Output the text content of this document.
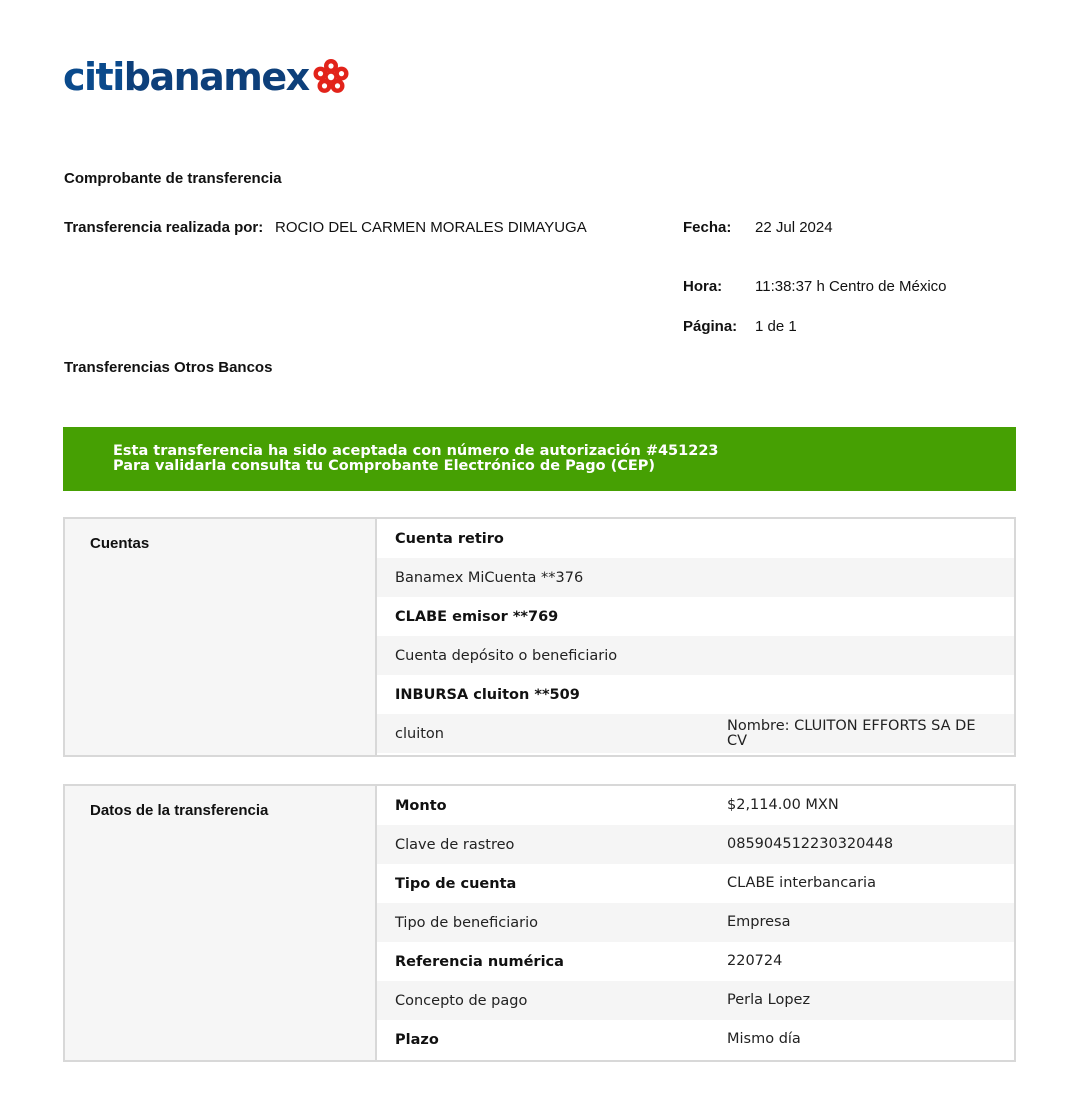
citibanamex
Comprobante de transferencia
Transferencia realizada por: ROCIO DEL CARMEN MORALES DIMAYUGA	Fecha: 22 Jul 2024
Hora: 11:38:37 h Centro de México
Página: 1 de 1
Transferencias Otros Bancos
Esta transferencia ha sido aceptada con número de autorización #451223
Para validarla consulta tu Comprobante Electrónico de Pago (CEP)
Cuentas	Cuenta retiro
Banamex MiCuenta **376
CLABE emisor **769
Cuenta depósito o beneficiario
INBURSA cluiton **509
cluiton	Nombre: CLUITON EFFORTS SA DE CV
Datos de la transferencia	Monto	$2,114.00 MXN
Clave de rastreo	085904512230320448
Tipo de cuenta	CLABE interbancaria
Tipo de beneficiario	Empresa
Referencia numérica	220724
Concepto de pago	Perla Lopez
Plazo	Mismo día
